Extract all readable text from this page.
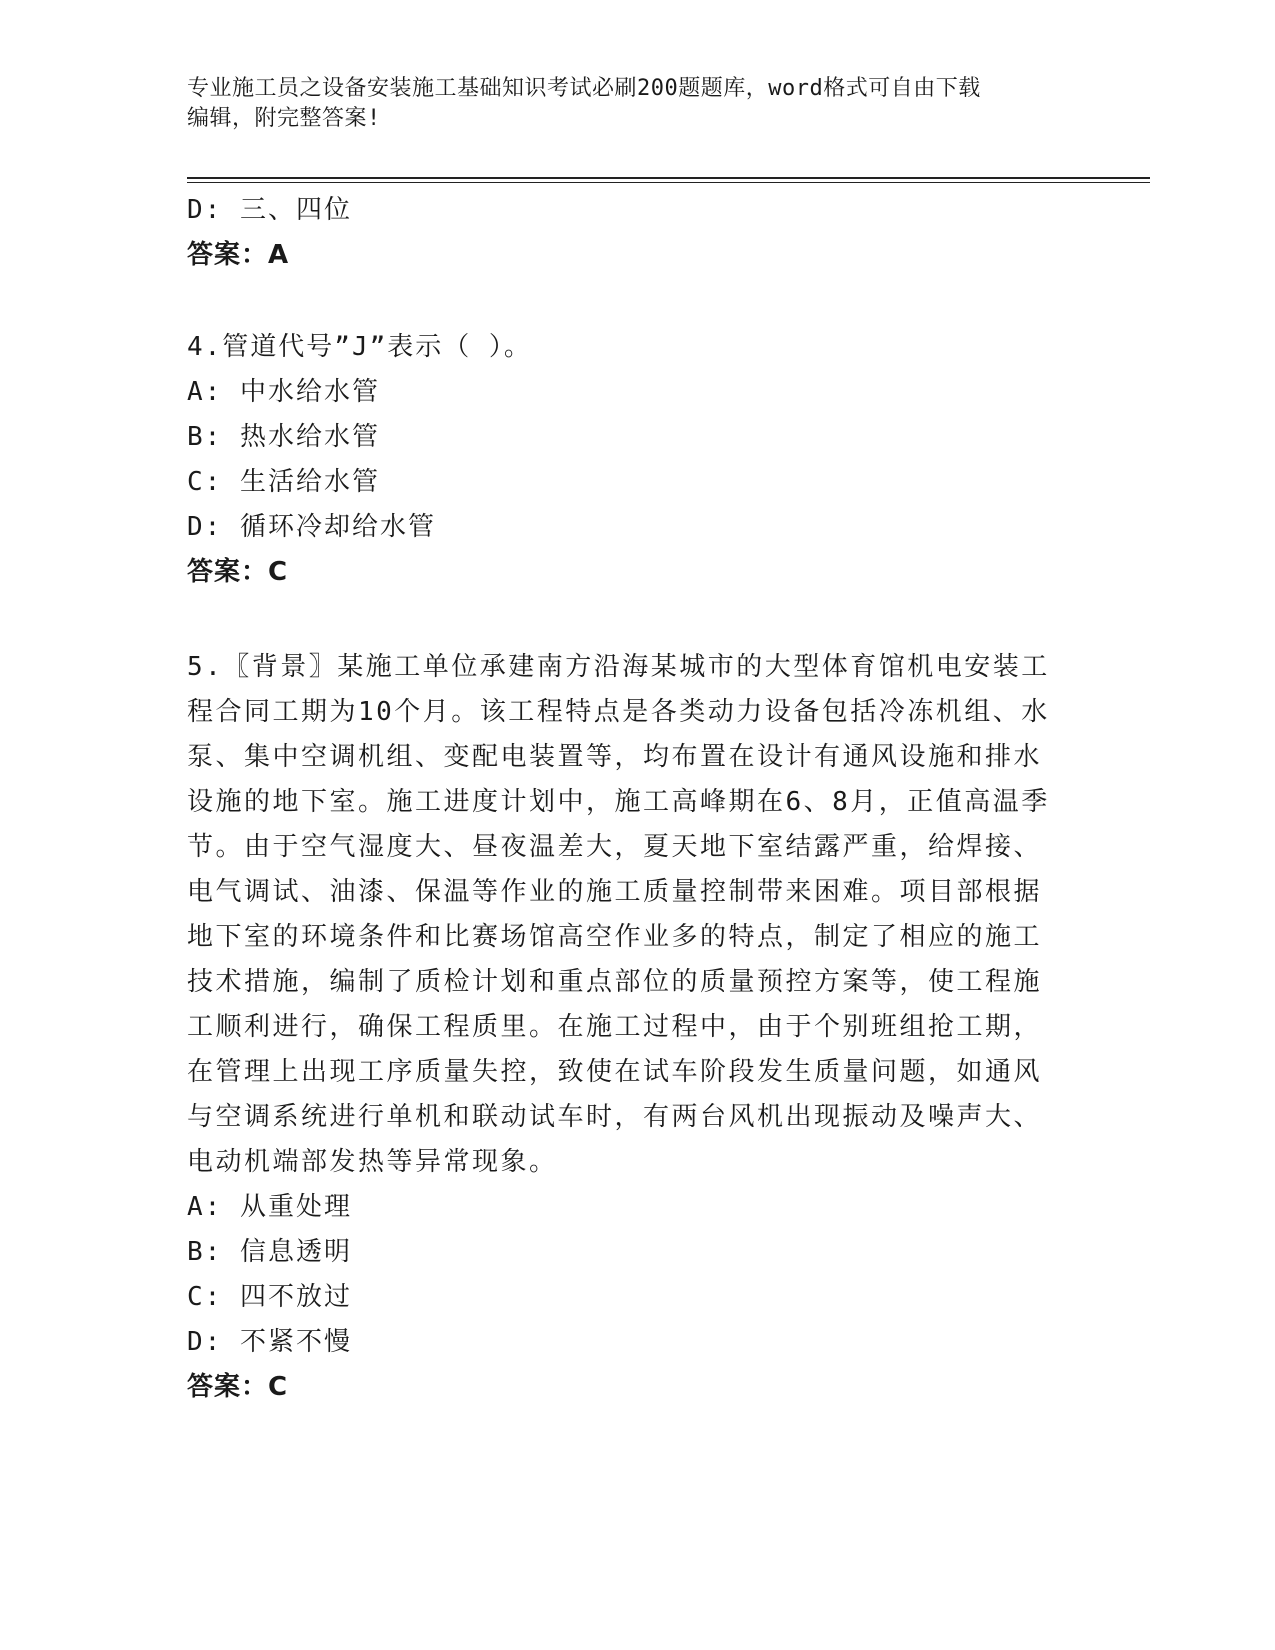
专业施工员之设备安装施工基础知识考试必刷200题题库，word格式可自由下载
编辑，附完整答案!
D: 三、四位
答案：A
4.管道代号”J”表示（ ）。
A: 中水给水管
B: 热水给水管
C: 生活给水管
D: 循环冷却给水管
答案：C
5.〖背景〗某施工单位承建南方沿海某城市的大型体育馆机电安装工
程合同工期为10个月。该工程特点是各类动力设备包括冷冻机组、水
泵、集中空调机组、变配电装置等，均布置在设计有通风设施和排水
设施的地下室。施工进度计划中，施工高峰期在6、8月，正值高温季
节。由于空气湿度大、昼夜温差大，夏天地下室结露严重，给焊接、
电气调试、油漆、保温等作业的施工质量控制带来困难。项目部根据
地下室的环境条件和比赛场馆高空作业多的特点，制定了相应的施工
技术措施，编制了质检计划和重点部位的质量预控方案等，使工程施
工顺利进行，确保工程质里。在施工过程中，由于个别班组抢工期，
在管理上出现工序质量失控，致使在试车阶段发生质量问题，如通风
与空调系统进行单机和联动试车时，有两台风机出现振动及噪声大、
电动机端部发热等异常现象。
A: 从重处理
B: 信息透明
C: 四不放过
D: 不紧不慢
答案：C
